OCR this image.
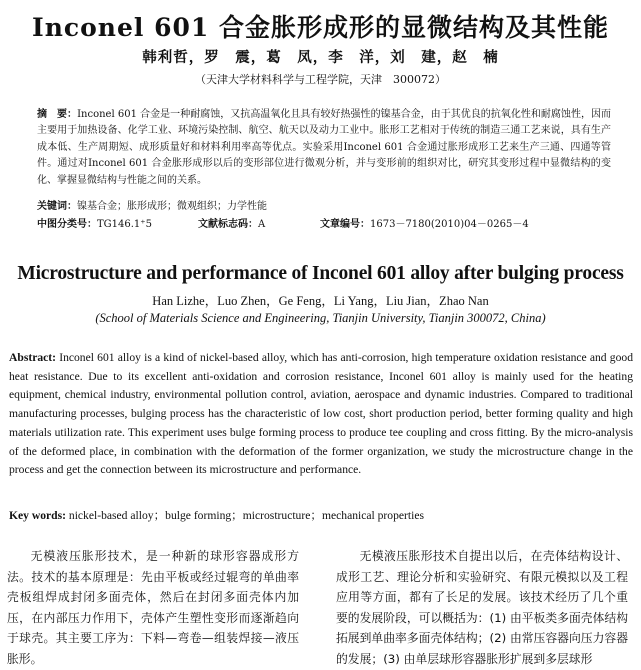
Inconel 601 合金胀形成形的显微结构及其性能
韩利哲，罗　震，葛　凤，李　洋，刘　建，赵　楠
（天津大学材料科学与工程学院，天津　300072）
摘　要：Inconel 601 合金是一种耐腐蚀，又抗高温氧化且具有较好热强性的镍基合金，由于其优良的抗氧化性和耐腐蚀性，因而主要用于加热设备、化学工业、环境污染控制、航空、航天以及动力工业中。胀形工艺相对于传统的制造三通工艺来说，具有生产成本低、生产周期短、成形质量好和材料利用率高等优点。实验采用Inconel 601 合金通过胀形成形工艺来生产三通、四通等管件。通过对Inconel 601 合金胀形成形以后的变形部位进行微观分析，并与变形前的组织对比，研究其变形过程中显微结构的变化、掌握显微结构与性能之间的关系。
关键词：镍基合金；胀形成形；微观组织；力学性能
中图分类号：TG146.1⁺5	文献标志码：A	文章编号：1673－7180(2010)04－0265－4
Microstructure and performance of Inconel 601 alloy after bulging process
Han Lizhe，Luo Zhen，Ge Feng，Li Yang，Liu Jian，Zhao Nan
(School of Materials Science and Engineering, Tianjin University, Tianjin 300072, China)
Abstract: Inconel 601 alloy is a kind of nickel-based alloy, which has anti-corrosion, high temperature oxidation resistance and good heat resistance. Due to its excellent anti-oxidation and corrosion resistance, Inconel 601 alloy is mainly used for the heating equipment, chemical industry, environmental pollution control, aviation, aerospace and dynamic industries. Compared to traditional manufacturing processes, bulging process has the characteristic of low cost, short production period, better forming quality and high materials utilization rate. This experiment uses bulge forming process to produce tee coupling and cross fitting. By the micro-analysis of the deformed place, in combination with the deformation of the former organization, we study the microstructure change in the process and get the connection between its microstructure and performance.
Key words: nickel-based alloy；bulge forming；microstructure；mechanical properties
无模液压胀形技术，是一种新的球形容器成形方法。技术的基本原理是：先由平板或经过辊弯的单曲率壳板组焊成封闭多面壳体，然后在封闭多面壳体内加压，在内部压力作用下，壳体产生塑性变形而逐渐趋向于球壳。其主要工序为：下料—弯卷—组装焊接—液压胀形。
无模液压胀形技术自提出以后，在壳体结构设计、成形工艺、理论分析和实验研究、有限元模拟以及工程应用等方面，都有了长足的发展。该技术经历了几个重要的发展阶段，可以概括为：(1) 由平板类多面壳体结构拓展到单曲率多面壳体结构；(2) 由常压容器向压力容器的发展；(3) 由单层球形容器胀形扩展到多层球形
